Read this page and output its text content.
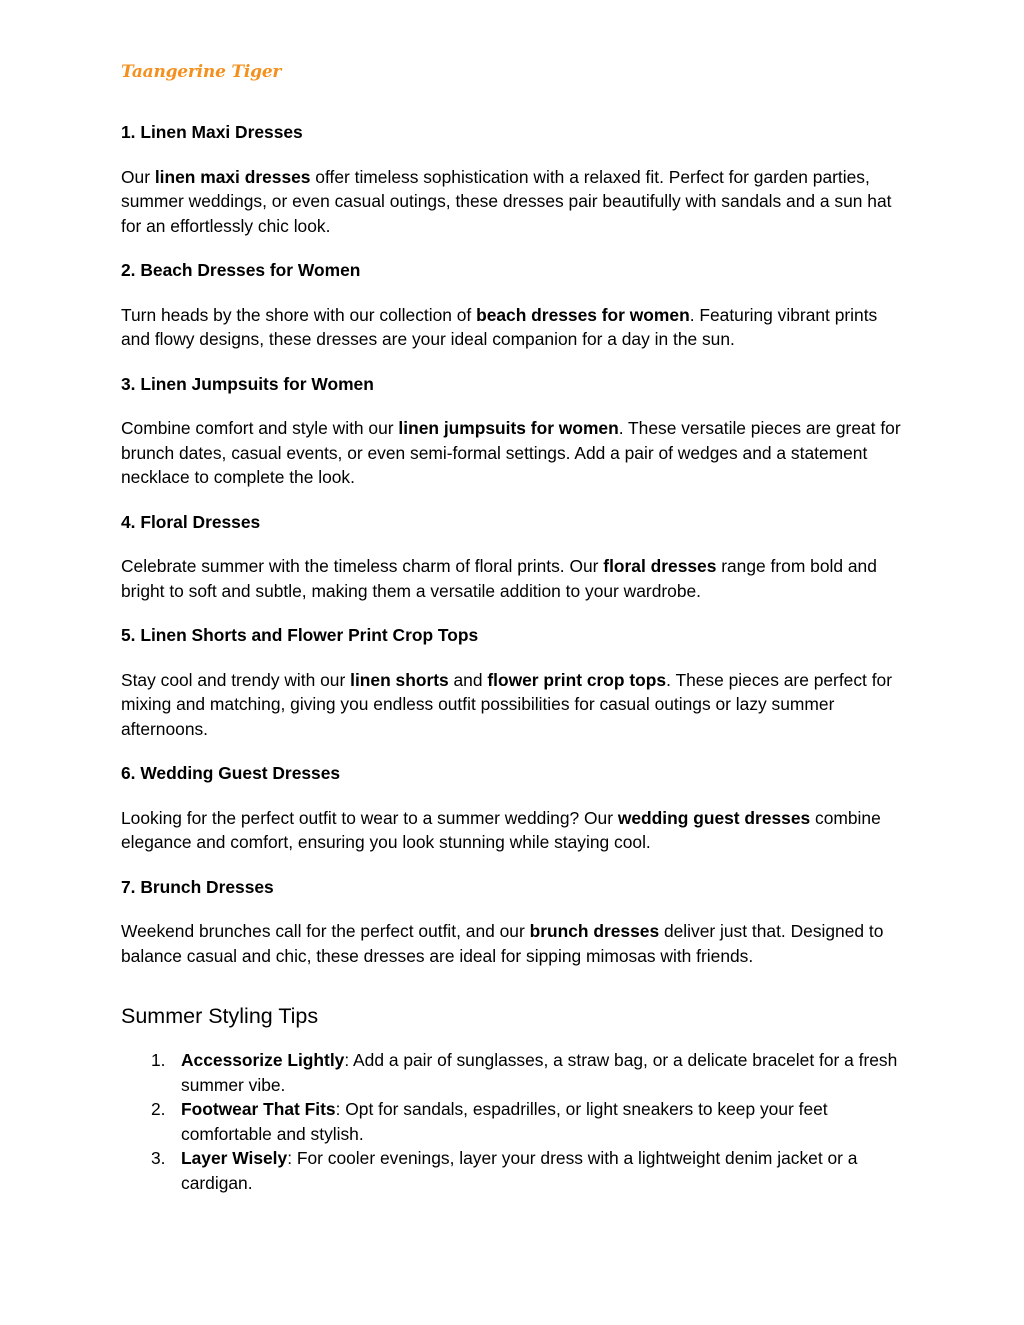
Taangerine Tiger

1. Linen Maxi Dresses

Our linen maxi dresses offer timeless sophistication with a relaxed fit. Perfect for garden parties, summer weddings, or even casual outings, these dresses pair beautifully with sandals and a sun hat for an effortlessly chic look.

2. Beach Dresses for Women

Turn heads by the shore with our collection of beach dresses for women. Featuring vibrant prints and flowy designs, these dresses are your ideal companion for a day in the sun.

3. Linen Jumpsuits for Women

Combine comfort and style with our linen jumpsuits for women. These versatile pieces are great for brunch dates, casual events, or even semi-formal settings. Add a pair of wedges and a statement necklace to complete the look.

4. Floral Dresses

Celebrate summer with the timeless charm of floral prints. Our floral dresses range from bold and bright to soft and subtle, making them a versatile addition to your wardrobe.

5. Linen Shorts and Flower Print Crop Tops

Stay cool and trendy with our linen shorts and flower print crop tops. These pieces are perfect for mixing and matching, giving you endless outfit possibilities for casual outings or lazy summer afternoons.

6. Wedding Guest Dresses

Looking for the perfect outfit to wear to a summer wedding? Our wedding guest dresses combine elegance and comfort, ensuring you look stunning while staying cool.

7. Brunch Dresses

Weekend brunches call for the perfect outfit, and our brunch dresses deliver just that. Designed to balance casual and chic, these dresses are ideal for sipping mimosas with friends.

Summer Styling Tips
1. Accessorize Lightly: Add a pair of sunglasses, a straw bag, or a delicate bracelet for a fresh summer vibe.
2. Footwear That Fits: Opt for sandals, espadrilles, or light sneakers to keep your feet comfortable and stylish.
3. Layer Wisely: For cooler evenings, layer your dress with a lightweight denim jacket or a cardigan.
